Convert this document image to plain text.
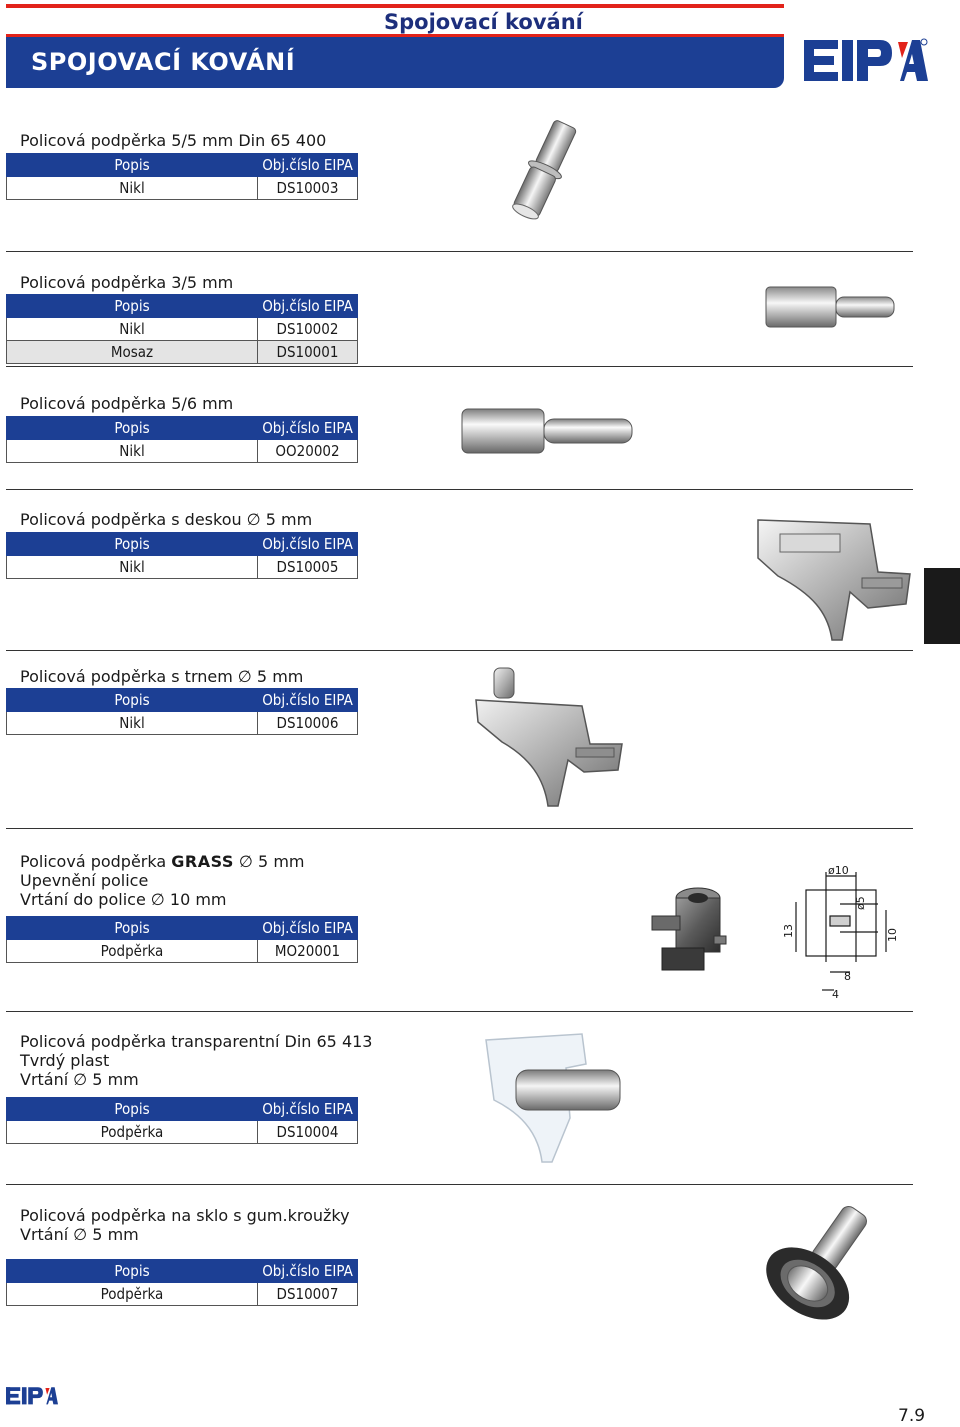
Spojovací kování
SPOJOVACÍ KOVÁNÍ
Policová podpěrka 5/5 mm Din 65 400
Popis	Obj.číslo EIPA
Nikl	DS10003
Policová podpěrka 3/5 mm
Popis	Obj.číslo EIPA
Nikl	DS10002
Mosaz	DS10001
Policová podpěrka 5/6 mm
Popis	Obj.číslo EIPA
Nikl	OO20002
Policová podpěrka s deskou ∅ 5 mm
Popis	Obj.číslo EIPA
Nikl	DS10005
Policová podpěrka s trnem ∅ 5 mm
Popis	Obj.číslo EIPA
Nikl	DS10006
Policová podpěrka GRASS ∅ 5 mm
Upevnění police
Vrtání do police ∅ 10 mm
Popis	Obj.číslo EIPA
Podpěrka	MO20001
ø10
ø5
13	10
8
4
Policová podpěrka transparentní Din 65 413
Tvrdý plast
Vrtání ∅ 5 mm
Popis	Obj.číslo EIPA
Podpěrka	DS10004
Policová podpěrka na sklo s gum.kroužky
Vrtání ∅ 5 mm
Popis	Obj.číslo EIPA
Podpěrka	DS10007
7.9
